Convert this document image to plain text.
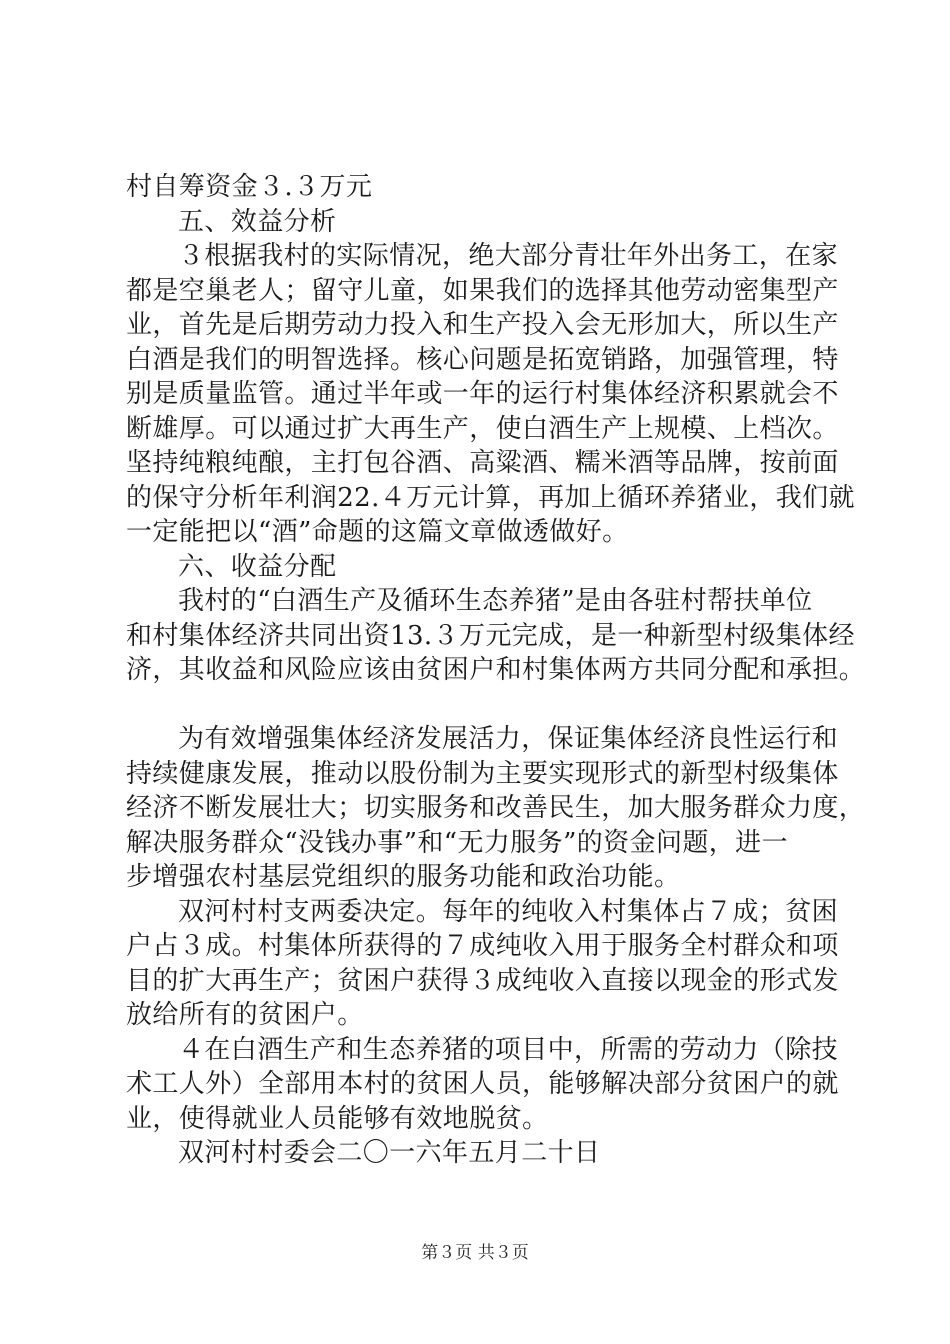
村自筹资金３.３万元
五、效益分析
３根据我村的实际情况，绝大部分青壮年外出务工，在家
都是空巢老人；留守儿童，如果我们的选择其他劳动密集型产
业，首先是后期劳动力投入和生产投入会无形加大，所以生产
白酒是我们的明智选择。核心问题是拓宽销路，加强管理，特
别是质量监管。通过半年或一年的运行村集体经济积累就会不
断雄厚。可以通过扩大再生产，使白酒生产上规模、上档次。
坚持纯粮纯酿，主打包谷酒、高粱酒、糯米酒等品牌，按前面
的保守分析年利润22.４万元计算，再加上循环养猪业，我们就
一定能把以“酒”命题的这篇文章做透做好。
六、收益分配
我村的“白酒生产及循环生态养猪”是由各驻村帮扶单位
和村集体经济共同出资13.３万元完成，是一种新型村级集体经
济，其收益和风险应该由贫困户和村集体两方共同分配和承担。
为有效增强集体经济发展活力，保证集体经济良性运行和
持续健康发展，推动以股份制为主要实现形式的新型村级集体
经济不断发展壮大；切实服务和改善民生，加大服务群众力度，
解决服务群众“没钱办事”和“无力服务”的资金问题，进一
步增强农村基层党组织的服务功能和政治功能。
双河村村支两委决定。每年的纯收入村集体占７成；贫困
户占３成。村集体所获得的７成纯收入用于服务全村群众和项
目的扩大再生产；贫困户获得３成纯收入直接以现金的形式发
放给所有的贫困户。
４在白酒生产和生态养猪的项目中，所需的劳动力（除技
术工人外）全部用本村的贫困人员，能够解决部分贫困户的就
业，使得就业人员能够有效地脱贫。
双河村村委会二〇一六年五月二十日
第３页 共３页
